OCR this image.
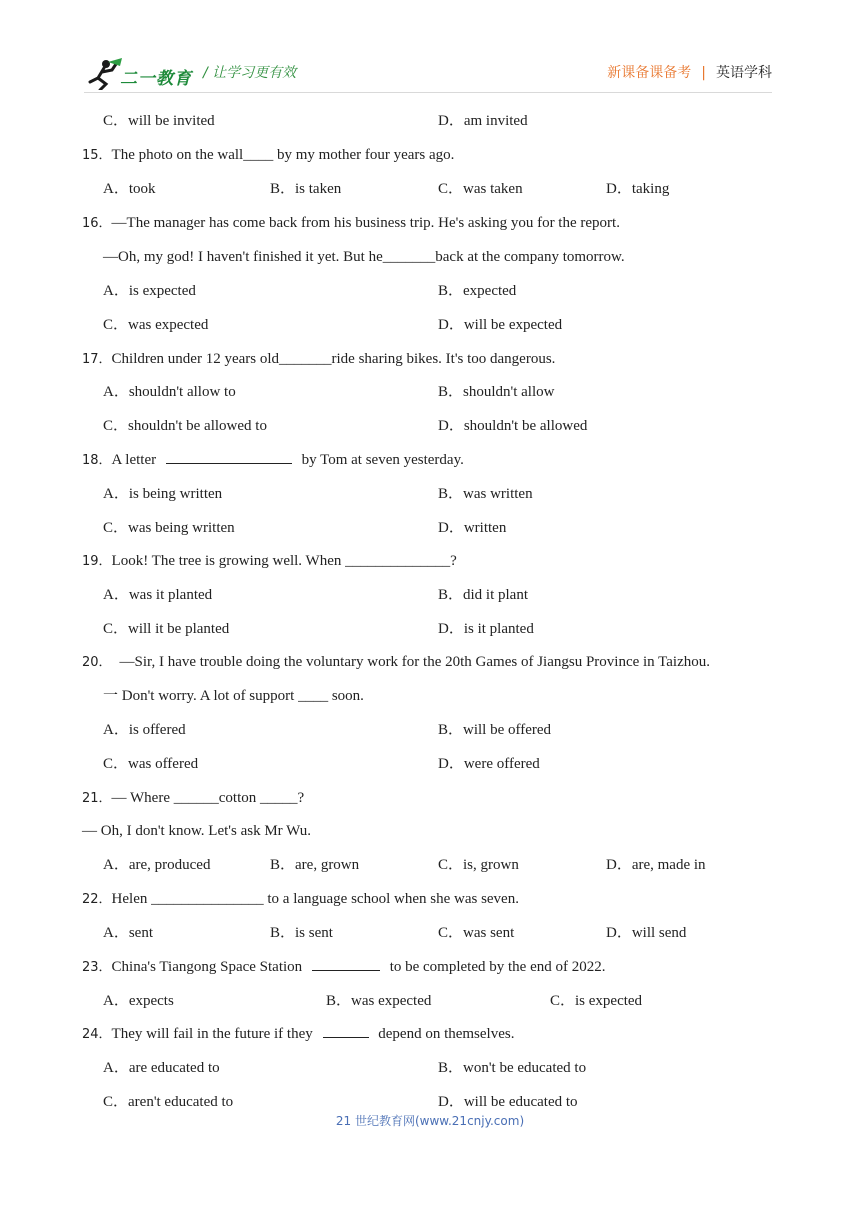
二一教育 / 让学习更有效	新课备课备考 | 英语学科
C．will be invited	D．am invited
15．The photo on the wall____ by my mother four years ago.
A．took	B．is taken	C．was taken	D．taking
16．—The manager has come back from his business trip. He's asking you for the report.
—Oh, my god! I haven't finished it yet. But he_______back at the company tomorrow.
A．is expected	B．expected
C．was expected	D．will be expected
17．Children under 12 years old_______ride sharing bikes. It's too dangerous.
A．shouldn't allow to	B．shouldn't allow
C．shouldn't be allowed to	D．shouldn't be allowed
18．A letter	by Tom at seven yesterday.
A．is being written	B．was written
C．was being written	D．written
19．Look! The tree is growing well. When ______________?
A．was it planted	B．did it plant
C．will it be planted	D．is it planted
20． —Sir, I have trouble doing the voluntary work for the 20th Games of Jiangsu Province in Taizhou.
一 Don't worry. A lot of support ____ soon.
A．is offered	B．will be offered
C．was offered	D．were offered
21．— Where ______cotton _____?
— Oh, I don't know. Let's ask Mr Wu.
A．are, produced	B．are, grown	C．is, grown	D．are, made in
22．Helen _______________ to a language school when she was seven.
A．sent	B．is sent	C．was sent	D．will send
23．China's Tiangong Space Station	to be completed by the end of 2022.
A．expects	B．was expected	C．is expected
24．They will fail in the future if they	depend on themselves.
A．are educated to	B．won't be educated to
C．aren't educated to	D．will be educated to
21 世纪教育网(www.21cnjy.com)
